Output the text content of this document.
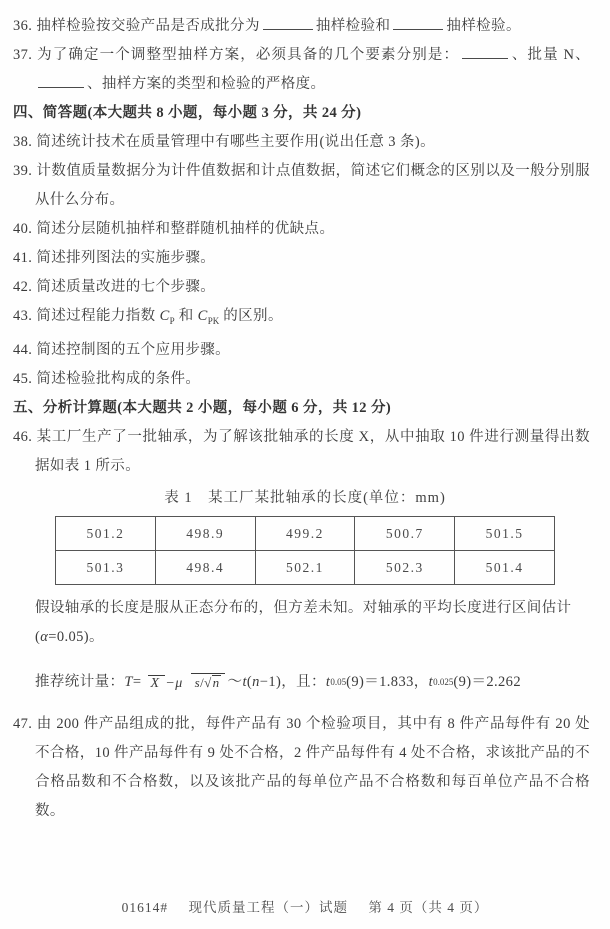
36. 抽样检验按交验产品是否成批分为	抽样检验和	抽样检验。
37. 为了确定一个调整型抽样方案，必须具备的几个要素分别是：	、批量 N、、抽样方案的类型和检验的严格度。
四、简答题(本大题共 8 小题，每小题 3 分，共 24 分)
38. 简述统计技术在质量管理中有哪些主要作用(说出任意 3 条)。
39. 计数值质量数据分为计件值数据和计点值数据，简述它们概念的区别以及一般分别服从什么分布。
40. 简述分层随机抽样和整群随机抽样的优缺点。
41. 简述排列图法的实施步骤。
42. 简述质量改进的七个步骤。
43. 简述过程能力指数 $C_P$ 和 $C_{PK}$ 的区别。
44. 简述控制图的五个应用步骤。
45. 简述检验批构成的条件。
五、分析计算题(本大题共 2 小题，每小题 6 分，共 12 分)
46. 某工厂生产了一批轴承，为了解该批轴承的长度 X，从中抽取 10 件进行测量得出数据如表 1 所示。
表 1　某工厂某批轴承的长度(单位：mm)
501.2	498.9	499.2	500.7	501.5
501.3	498.4	502.1	502.3	501.4
假设轴承的长度是服从正态分布的，但方差未知。对轴承的平均长度进行区间估计
(α=0.05)。
推荐统计量： T = X −μ s/√n ～ t ( n −1)，且： t 0.05 (9)＝1.833， t 0.025 (9)＝2.262
47. 由 200 件产品组成的批，每件产品有 30 个检验项目，其中有 8 件产品每件有 20 处不合格，10 件产品每件有 9 处不合格，2 件产品每件有 4 处不合格，求该批产品的不合格品数和不合格数，以及该批产品的每单位产品不合格数和每百单位产品不合格数。
01614# 现代质量工程（一）试题 第 4 页（共 4 页）
